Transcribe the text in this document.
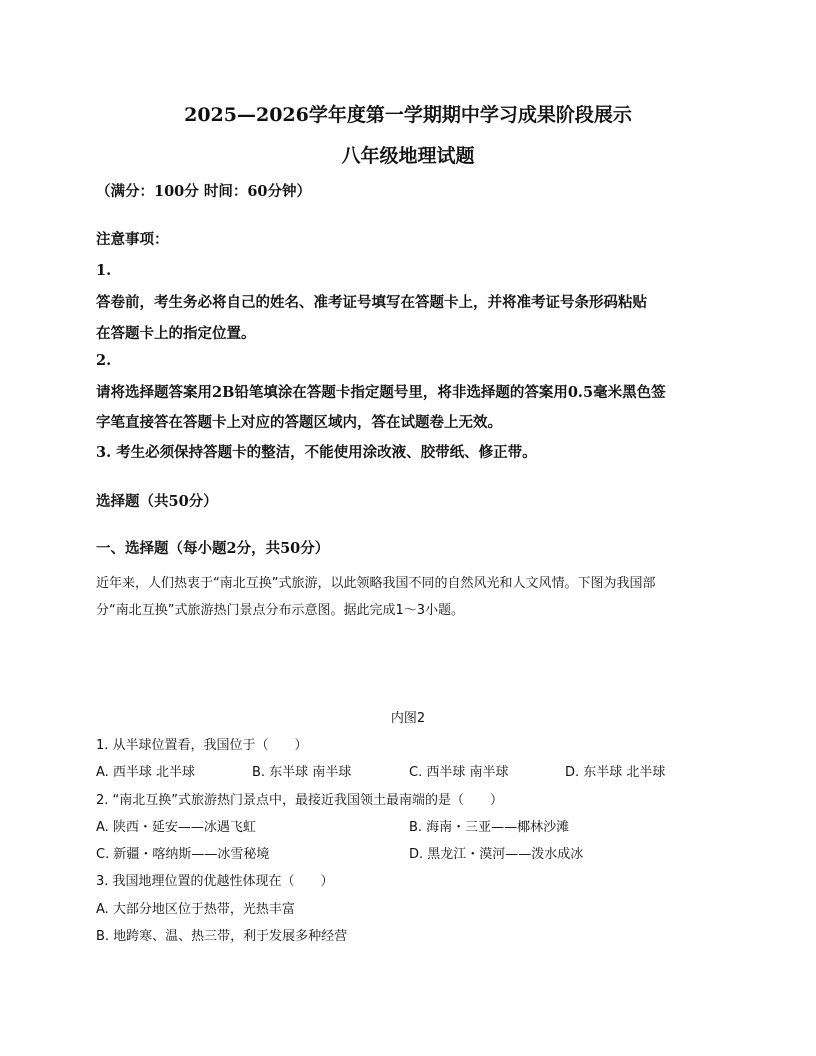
2025—2026学年度第一学期期中学习成果阶段展示
八年级地理试题
（满分：100分 时间：60分钟）
注意事项：
1.
答卷前，考生务必将自己的姓名、准考证号填写在答题卡上，并将准考证号条形码粘贴
在答题卡上的指定位置。
2.
请将选择题答案用2B铅笔填涂在答题卡指定题号里，将非选择题的答案用0.5毫米黑色签
字笔直接答在答题卡上对应的答题区域内，答在试题卷上无效。
3. 考生必须保持答题卡的整洁，不能使用涂改液、胶带纸、修正带。
选择题（共50分）
一、选择题（每小题2分，共50分）
近年来，人们热衷于“南北互换”式旅游，以此领略我国不同的自然风光和人文风情。下图为我国部
分“南北互换”式旅游热门景点分布示意图。据此完成1～3小题。
内图2
1. 从半球位置看，我国位于（　　）
A. 西半球 北半球	B. 东半球 南半球	C. 西半球 南半球	D. 东半球 北半球
2. “南北互换”式旅游热门景点中，最接近我国领土最南端的是（　　）
A. 陕西・延安——冰遇飞虹	B. 海南・三亚——椰林沙滩
C. 新疆・喀纳斯——冰雪秘境	D. 黑龙江・漠河——泼水成冰
3. 我国地理位置的优越性体现在（　　）
A. 大部分地区位于热带，光热丰富
B. 地跨寒、温、热三带，利于发展多种经营
